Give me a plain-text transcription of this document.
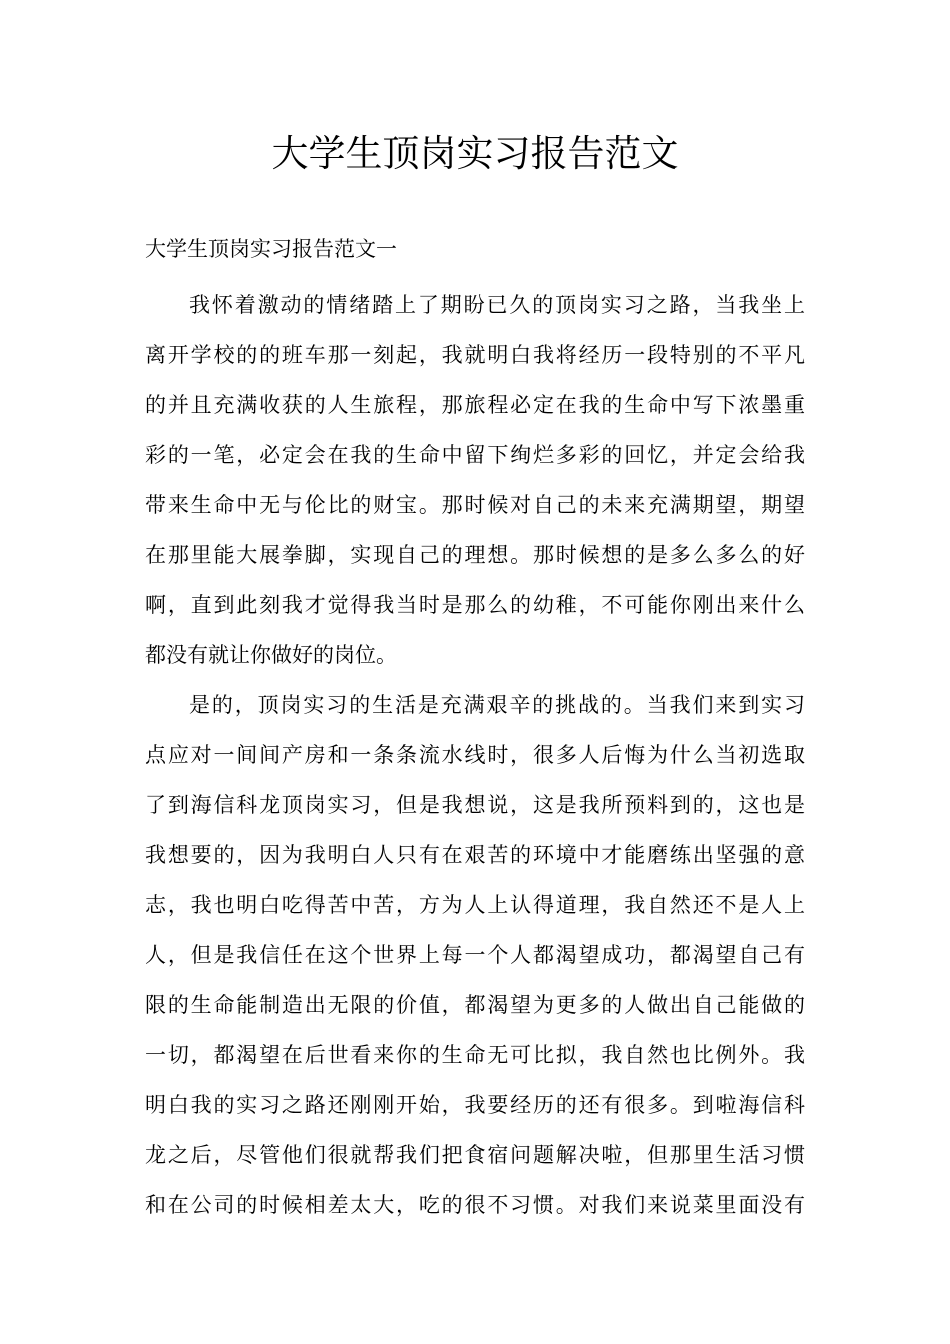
大学生顶岗实习报告范文

大学生顶岗实习报告范文一

我怀着激动的情绪踏上了期盼已久的顶岗实习之路，当我坐上
离开学校的的班车那一刻起，我就明白我将经历一段特别的不平凡
的并且充满收获的人生旅程，那旅程必定在我的生命中写下浓墨重
彩的一笔，必定会在我的生命中留下绚烂多彩的回忆，并定会给我
带来生命中无与伦比的财宝。那时候对自己的未来充满期望，期望
在那里能大展拳脚，实现自己的理想。那时候想的是多么多么的好
啊，直到此刻我才觉得我当时是那么的幼稚，不可能你刚出来什么
都没有就让你做好的岗位。
是的，顶岗实习的生活是充满艰辛的挑战的。当我们来到实习
点应对一间间产房和一条条流水线时，很多人后悔为什么当初选取
了到海信科龙顶岗实习，但是我想说，这是我所预料到的，这也是
我想要的，因为我明白人只有在艰苦的环境中才能磨练出坚强的意
志，我也明白吃得苦中苦，方为人上认得道理，我自然还不是人上
人，但是我信任在这个世界上每一个人都渴望成功，都渴望自己有
限的生命能制造出无限的价值，都渴望为更多的人做出自己能做的
一切，都渴望在后世看来你的生命无可比拟，我自然也比例外。我
明白我的实习之路还刚刚开始，我要经历的还有很多。到啦海信科
龙之后，尽管他们很就帮我们把食宿问题解决啦，但那里生活习惯
和在公司的时候相差太大，吃的很不习惯。对我们来说菜里面没有
